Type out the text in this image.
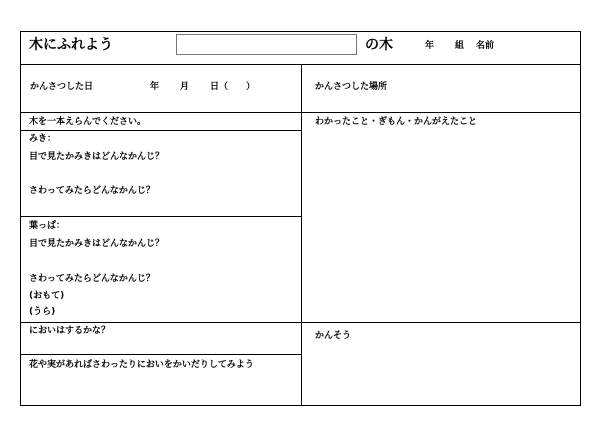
木にふれよう	の木	年 組 名前
かんさつした日	年 月 日（　　）	かんさつした場所
木を一本えらんでください。
みき：
目で見たかみきはどんなかんじ？
さわってみたらどんなかんじ？
葉っぱ：
目で見たかみきはどんなかんじ？
さわってみたらどんなかんじ？
(おもて)
(うら)
においはするかな？
花や実があればさわったりにおいをかいだりしてみよう
わかったこと・ぎもん・かんがえたこと
かんそう
